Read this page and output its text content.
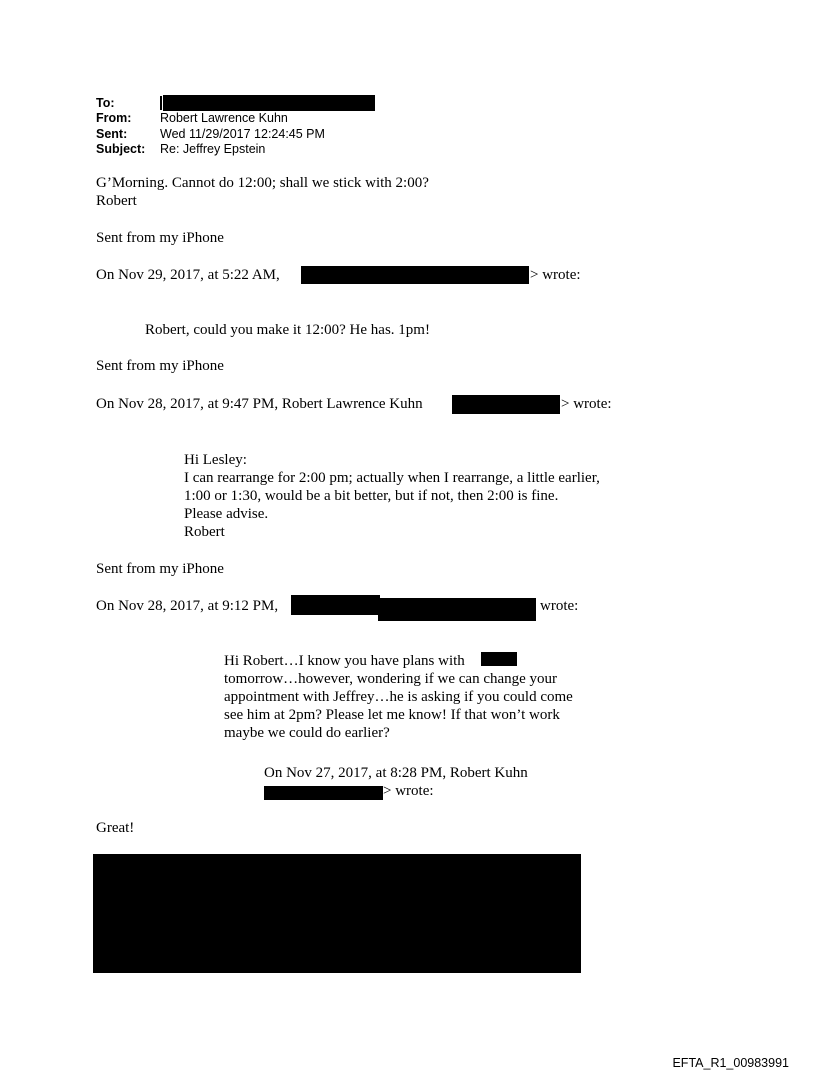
To:
From: Robert Lawrence Kuhn
Sent:	Wed 11/29/2017 12:24:45 PM
Subject: Re: Jeffrey Epstein
G’Morning. Cannot do 12:00; shall we stick with 2:00?
Robert
Sent from my iPhone
On Nov 29, 2017, at 5:22 AM,	> wrote:
Robert, could you make it 12:00? He has. 1pm!
Sent from my iPhone
On Nov 28, 2017, at 9:47 PM, Robert Lawrence Kuhn	> wrote:
Hi Lesley:
I can rearrange for 2:00 pm; actually when I rearrange, a little earlier,
1:00 or 1:30, would be a bit better, but if not, then 2:00 is fine.
Please advise.
Robert
Sent from my iPhone
On Nov 28, 2017, at 9:12 PM,	wrote:
Hi Robert…I know you have plans with
tomorrow…however, wondering if we can change your
appointment with Jeffrey…he is asking if you could come
see him at 2pm? Please let me know! If that won’t work
maybe we could do earlier?
On Nov 27, 2017, at 8:28 PM, Robert Kuhn
> wrote:
Great!
EFTA_R1_00983991
